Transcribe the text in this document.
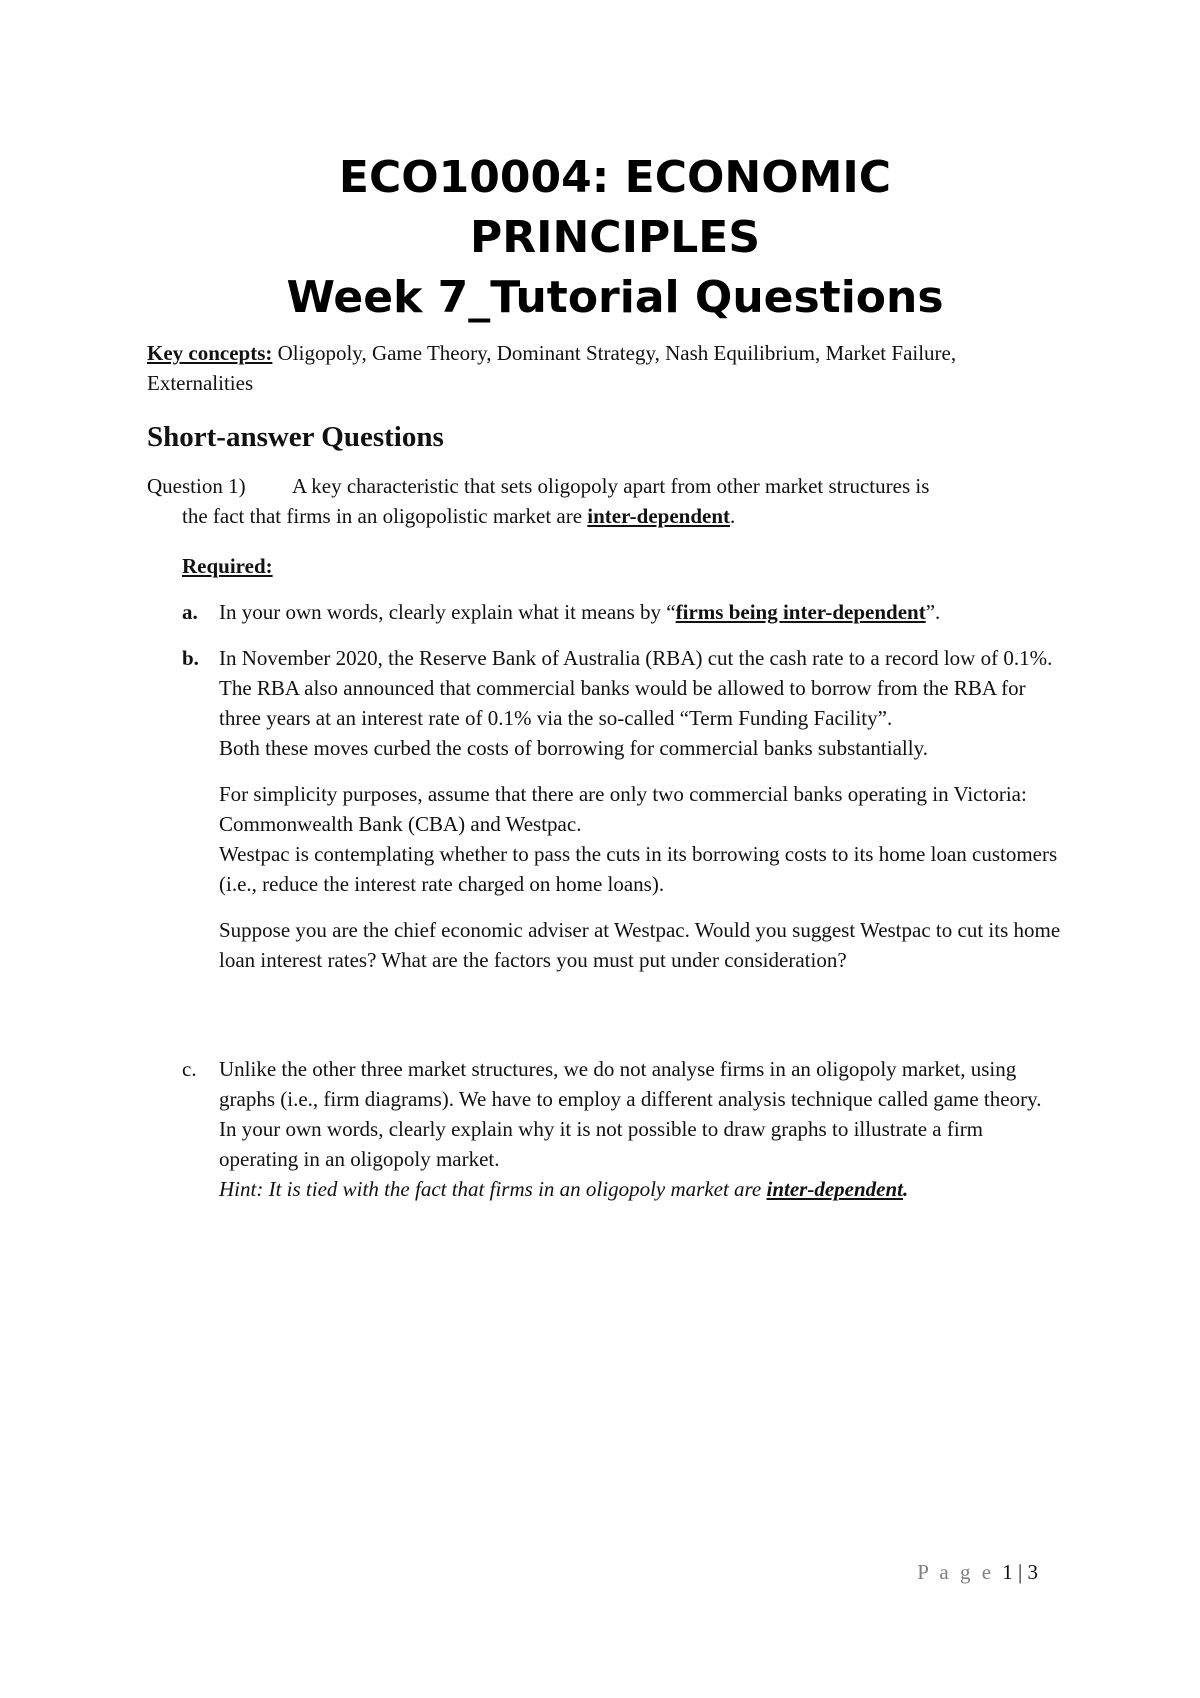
ECO10004: ECONOMIC
PRINCIPLES
Week 7_Tutorial Questions
Key concepts: Oligopoly, Game Theory, Dominant Strategy, Nash Equilibrium, Market Failure, Externalities
Short-answer Questions
Question 1) A key characteristic that sets oligopoly apart from other market structures is
the fact that firms in an oligopolistic market are inter-dependent.
Required:
a. In your own words, clearly explain what it means by “firms being inter-dependent”.

b. In November 2020, the Reserve Bank of Australia (RBA) cut the cash rate to a record low of 0.1%. The RBA also announced that commercial banks would be allowed to borrow from the RBA for three years at an interest rate of 0.1% via the so-called “Term Funding Facility”.
Both these moves curbed the costs of borrowing for commercial banks substantially.

For simplicity purposes, assume that there are only two commercial banks operating in Victoria: Commonwealth Bank (CBA) and Westpac.
Westpac is contemplating whether to pass the cuts in its borrowing costs to its home loan customers (i.e., reduce the interest rate charged on home loans).

Suppose you are the chief economic adviser at Westpac. Would you suggest Westpac to cut its home loan interest rates? What are the factors you must put under consideration?

c. Unlike the other three market structures, we do not analyse firms in an oligopoly market, using graphs (i.e., firm diagrams). We have to employ a different analysis technique called game theory.
In your own words, clearly explain why it is not possible to draw graphs to illustrate a firm operating in an oligopoly market.
Hint: It is tied with the fact that firms in an oligopoly market are inter-dependent.

P a g e 1 | 3
